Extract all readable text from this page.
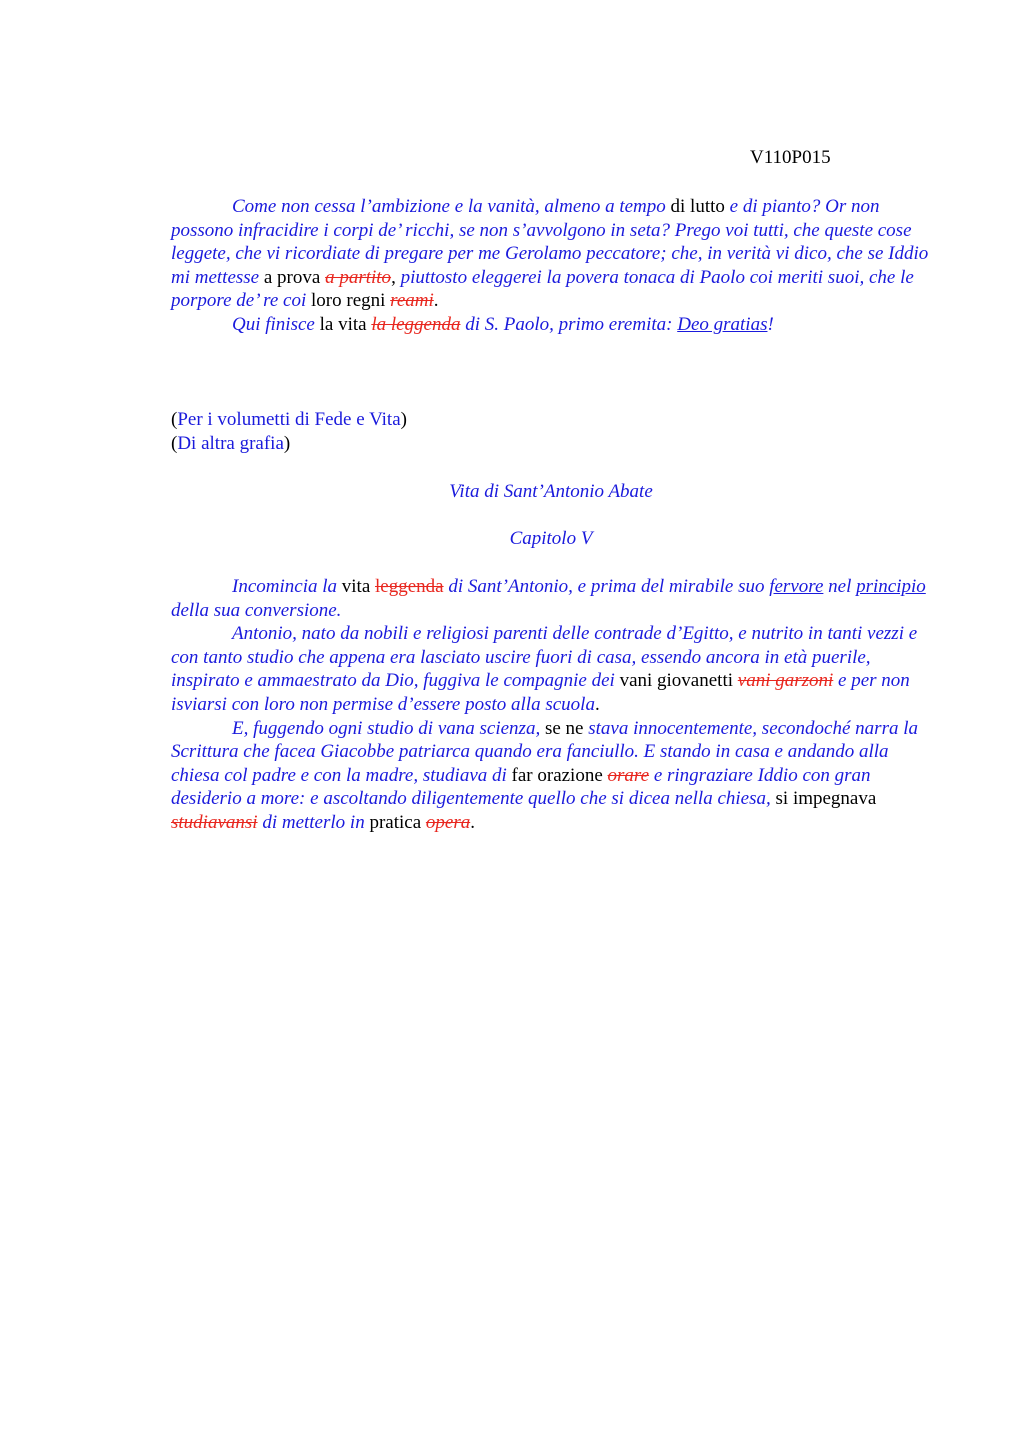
V110P015

Come non cessa l’ambizione e la vanità, almeno a tempo di lutto e di pianto? Or non possono infracidire i corpi de’ ricchi, se non s’avvolgono in seta? Prego voi tutti, che queste cose leggete, che vi ricordiate di pregare per me Gerolamo peccatore; che, in verità vi dico, che se Iddio mi mettesse a prova a partito, piuttosto eleggerei la povera tonaca di Paolo coi meriti suoi, che le porpore de’ re coi loro regni reami.

Qui finisce la vita la leggenda di S. Paolo, primo eremita: Deo gratias!

(Per i volumetti di Fede e Vita)

(Di altra grafia)

Vita di Sant’Antonio Abate

Capitolo V

Incomincia la vita leggenda di Sant’Antonio, e prima del mirabile suo fervore nel principio della sua conversione.

Antonio, nato da nobili e religiosi parenti delle contrade d’Egitto, e nutrito in tanti vezzi e con tanto studio che appena era lasciato uscire fuori di casa, essendo ancora in età puerile, inspirato e ammaestrato da Dio, fuggiva le compagnie dei vani giovanetti vani garzoni e per non isviarsi con loro non permise d’essere posto alla scuola.

E, fuggendo ogni studio di vana scienza, se ne stava innocentemente, secondoché narra la Scrittura che facea Giacobbe patriarca quando era fanciullo. E stando in casa e andando alla chiesa col padre e con la madre, studiava di far orazione orare e ringraziare Iddio con gran desiderio a more: e ascoltando diligentemente quello che si dicea nella chiesa, si impegnava studiavansi di metterlo in pratica opera.
